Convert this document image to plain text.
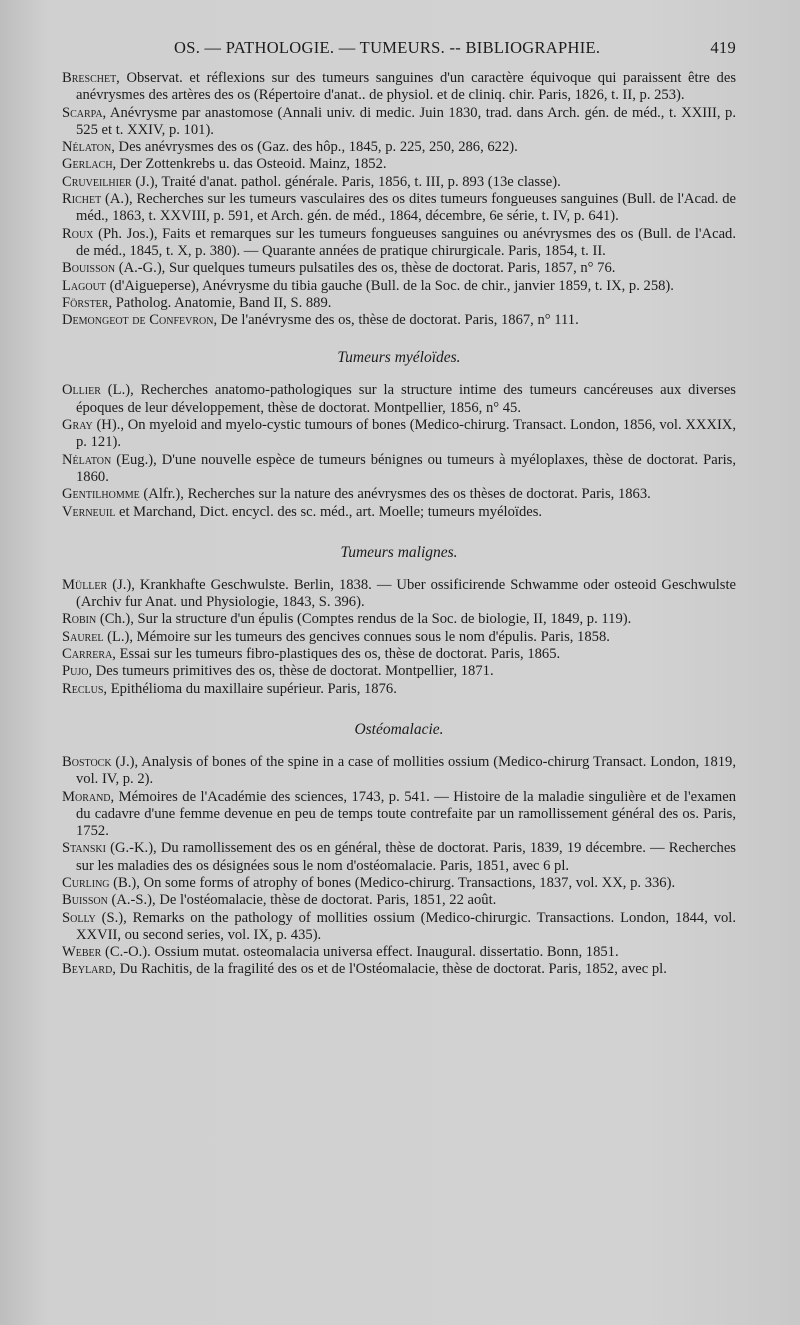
OS. — PATHOLOGIE. — TUMEURS. -- BIBLIOGRAPHIE.	419

Breschet, Observat. et réflexions sur des tumeurs sanguines d'un caractère équivoque qui paraissent être des anévrysmes des artères des os (Répertoire d'anat.. de physiol. et de cliniq. chir. Paris, 1826, t. II, p. 253).

Scarpa, Anévrysme par anastomose (Annali univ. di medic. Juin 1830, trad. dans Arch. gén. de méd., t. XXIII, p. 525 et t. XXIV, p. 101).

Nélaton, Des anévrysmes des os (Gaz. des hôp., 1845, p. 225, 250, 286, 622).

Gerlach, Der Zottenkrebs u. das Osteoid. Mainz, 1852.

Cruveilhier (J.), Traité d'anat. pathol. générale. Paris, 1856, t. III, p. 893 (13e classe).

Richet (A.), Recherches sur les tumeurs vasculaires des os dites tumeurs fongueuses sanguines (Bull. de l'Acad. de méd., 1863, t. XXVIII, p. 591, et Arch. gén. de méd., 1864, décembre, 6e série, t. IV, p. 641).

Roux (Ph. Jos.), Faits et remarques sur les tumeurs fongueuses sanguines ou anévrysmes des os (Bull. de l'Acad. de méd., 1845, t. X, p. 380). — Quarante années de pratique chirurgicale. Paris, 1854, t. II.

Bouisson (A.-G.), Sur quelques tumeurs pulsatiles des os, thèse de doctorat. Paris, 1857, n° 76.

Lagout (d'Aigueperse), Anévrysme du tibia gauche (Bull. de la Soc. de chir., janvier 1859, t. IX, p. 258).

Förster, Patholog. Anatomie, Band II, S. 889.

Demongeot de Confevron, De l'anévrysme des os, thèse de doctorat. Paris, 1867, n° 111.

Tumeurs myéloïdes.

Ollier (L.), Recherches anatomo-pathologiques sur la structure intime des tumeurs cancéreuses aux diverses époques de leur développement, thèse de doctorat. Montpellier, 1856, n° 45.

Gray (H)., On myeloid and myelo-cystic tumours of bones (Medico-chirurg. Transact. London, 1856, vol. XXXIX, p. 121).

Nélaton (Eug.), D'une nouvelle espèce de tumeurs bénignes ou tumeurs à myéloplaxes, thèse de doctorat. Paris, 1860.

Gentilhomme (Alfr.), Recherches sur la nature des anévrysmes des os thèses de doctorat. Paris, 1863.

Verneuil et Marchand, Dict. encycl. des sc. méd., art. Moelle; tumeurs myéloïdes.

Tumeurs malignes.

Müller (J.), Krankhafte Geschwulste. Berlin, 1838. — Uber ossificirende Schwamme oder osteoid Geschwulste (Archiv fur Anat. und Physiologie, 1843, S. 396).

Robin (Ch.), Sur la structure d'un épulis (Comptes rendus de la Soc. de biologie, II, 1849, p. 119).

Saurel (L.), Mémoire sur les tumeurs des gencives connues sous le nom d'épulis. Paris, 1858.

Carrera, Essai sur les tumeurs fibro-plastiques des os, thèse de doctorat. Paris, 1865.

Pujo, Des tumeurs primitives des os, thèse de doctorat. Montpellier, 1871.

Reclus, Epithélioma du maxillaire supérieur. Paris, 1876.

Ostéomalacie.

Bostock (J.), Analysis of bones of the spine in a case of mollities ossium (Medico-chirurg Transact. London, 1819, vol. IV, p. 2).

Morand, Mémoires de l'Académie des sciences, 1743, p. 541. — Histoire de la maladie singulière et de l'examen du cadavre d'une femme devenue en peu de temps toute contrefaite par un ramollissement général des os. Paris, 1752.

Stanski (G.-K.), Du ramollissement des os en général, thèse de doctorat. Paris, 1839, 19 décembre. — Recherches sur les maladies des os désignées sous le nom d'ostéomalacie. Paris, 1851, avec 6 pl.

Curling (B.), On some forms of atrophy of bones (Medico-chirurg. Transactions, 1837, vol. XX, p. 336).

Buisson (A.-S.), De l'ostéomalacie, thèse de doctorat. Paris, 1851, 22 août.

Solly (S.), Remarks on the pathology of mollities ossium (Medico-chirurgic. Transactions. London, 1844, vol. XXVII, ou second series, vol. IX, p. 435).

Weber (C.-O.). Ossium mutat. osteomalacia universa effect. Inaugural. dissertatio. Bonn, 1851.

Beylard, Du Rachitis, de la fragilité des os et de l'Ostéomalacie, thèse de doctorat. Paris, 1852, avec pl.
